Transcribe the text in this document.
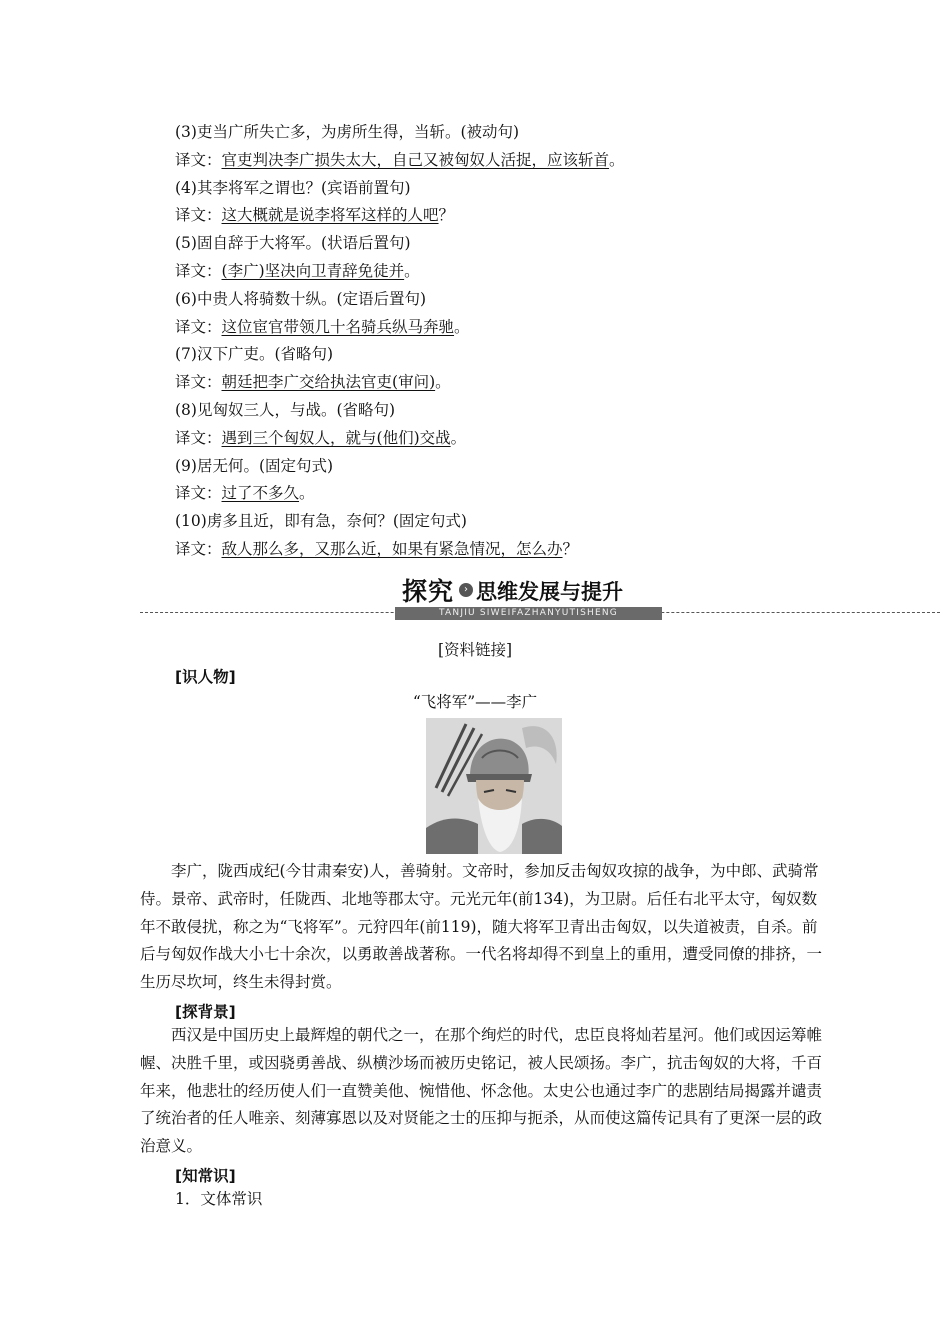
(3)吏当广所失亡多，为虏所生得，当斩。(被动句)
译文：官吏判决李广损失太大，自己又被匈奴人活捉，应该斩首。
(4)其李将军之谓也？(宾语前置句)
译文：这大概就是说李将军这样的人吧？
(5)固自辞于大将军。(状语后置句)
译文：(李广)坚决向卫青辞免徒并。
(6)中贵人将骑数十纵。(定语后置句)
译文：这位宦官带领几十名骑兵纵马奔驰。
(7)汉下广吏。(省略句)
译文：朝廷把李广交给执法官吏(审问)。
(8)见匈奴三人，与战。(省略句)
译文：遇到三个匈奴人，就与(他们)交战。
(9)居无何。(固定句式)
译文：过了不多久。
(10)虏多且近，即有急，奈何？(固定句式)
译文：敌人那么多，又那么近，如果有紧急情况，怎么办？
TANJIU SIWEIFAZHANYUTISHENG
探究 › 思维发展与提升
[资料链接]
[识人物]
“飞将军”——李广
李广，陇西成纪(今甘肃秦安)人，善骑射。文帝时，参加反击匈奴攻掠的战争，为中郎、武骑常侍。景帝、武帝时，任陇西、北地等郡太守。元光元年(前134)，为卫尉。后任右北平太守，匈奴数年不敢侵扰，称之为“飞将军”。元狩四年(前119)，随大将军卫青出击匈奴，以失道被责，自杀。前后与匈奴作战大小七十余次，以勇敢善战著称。一代名将却得不到皇上的重用，遭受同僚的排挤，一生历尽坎坷，终生未得封赏。
[探背景]
西汉是中国历史上最辉煌的朝代之一，在那个绚烂的时代，忠臣良将灿若星河。他们或因运筹帷幄、决胜千里，或因骁勇善战、纵横沙场而被历史铭记，被人民颂扬。李广，抗击匈奴的大将，千百年来，他悲壮的经历使人们一直赞美他、惋惜他、怀念他。太史公也通过李广的悲剧结局揭露并谴责了统治者的任人唯亲、刻薄寡恩以及对贤能之士的压抑与扼杀，从而使这篇传记具有了更深一层的政治意义。
[知常识]
1．文体常识
